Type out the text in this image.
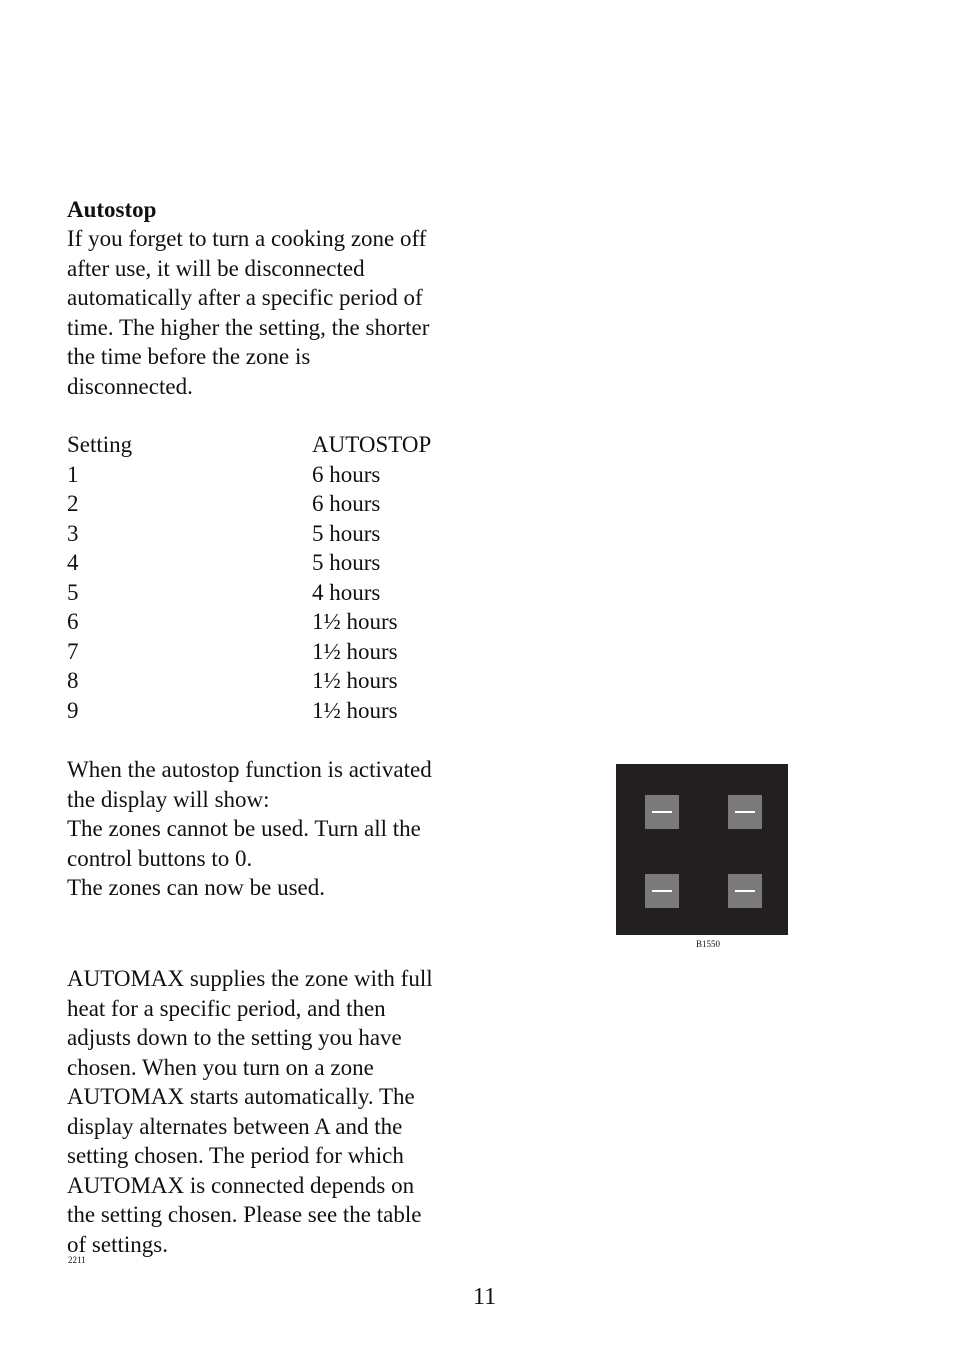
Autostop
If you forget to turn a cooking zone off
after use, it will be disconnected
automatically after a specific period of
time. The higher the setting, the shorter
the time before the zone is
disconnected.
Setting	AUTOSTOP
1	6 hours
2	6 hours
3	5 hours
4	5 hours
5	4 hours
6	1½ hours
7	1½ hours
8	1½ hours
9	1½ hours
When the autostop function is activated
the display will show:
The zones cannot be used. Turn all the
control buttons to 0.
The zones can now be used.
B1550
AUTOMAX supplies the zone with full
heat for a specific period, and then
adjusts down to the setting you have
chosen. When you turn on a zone
AUTOMAX starts automatically. The
display alternates between A and the
setting chosen. The period for which
AUTOMAX is connected depends on
the setting chosen. Please see the table
of settings.
2211
11
